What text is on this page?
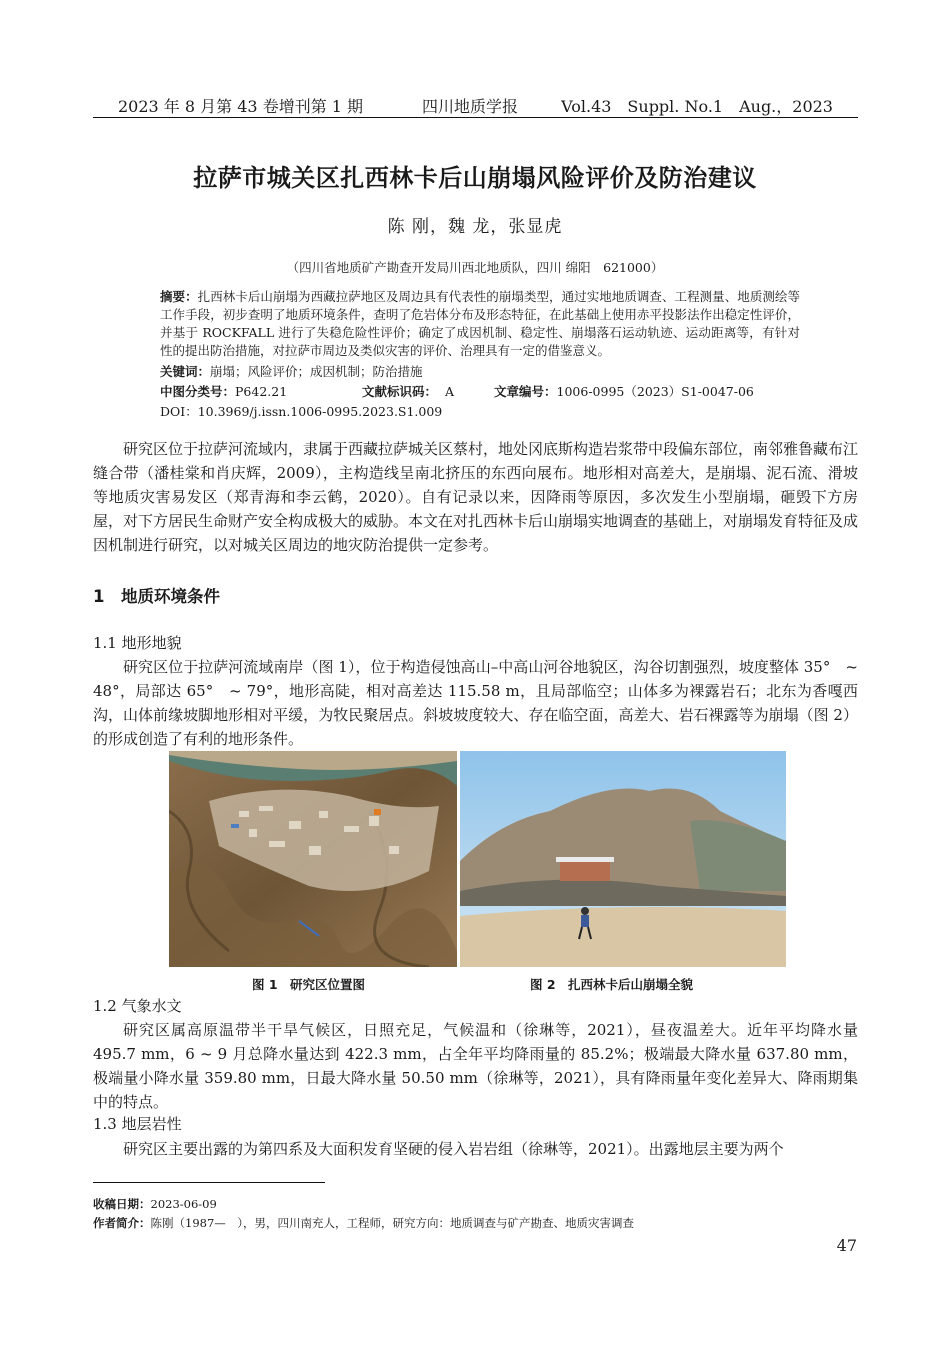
2023 年 8 月第 43 卷增刊第 1 期	四川地质学报	Vol.43　Suppl. No.1　Aug.，2023
拉萨市城关区扎西林卡后山崩塌风险评价及防治建议
陈 刚，魏 龙，张显虎
（四川省地质矿产勘查开发局川西北地质队，四川 绵阳　621000）
摘要：扎西林卡后山崩塌为西藏拉萨地区及周边具有代表性的崩塌类型，通过实地地质调查、工程测量、地质测绘等工作手段，初步查明了地质环境条件，查明了危岩体分布及形态特征，在此基础上使用赤平投影法作出稳定性评价，并基于 ROCKFALL 进行了失稳危险性评价；确定了成因机制、稳定性、崩塌落石运动轨迹、运动距离等，有针对性的提出防治措施，对拉萨市周边及类似灾害的评价、治理具有一定的借鉴意义。
关键词：崩塌；风险评价；成因机制；防治措施
中图分类号：P642.21	文献标识码： A	文章编号：1006-0995（2023）S1-0047-06
DOI：10.3969/j.issn.1006-0995.2023.S1.009
研究区位于拉萨河流域内，隶属于西藏拉萨城关区蔡村，地处冈底斯构造岩浆带中段偏东部位，南邻雅鲁藏布江缝合带（潘桂棠和肖庆辉，2009），主构造线呈南北挤压的东西向展布。地形相对高差大，是崩塌、泥石流、滑坡等地质灾害易发区（郑青海和李云鹤，2020）。自有记录以来，因降雨等原因，多次发生小型崩塌，砸毁下方房屋，对下方居民生命财产安全构成极大的威胁。本文在对扎西林卡后山崩塌实地调查的基础上，对崩塌发育特征及成因机制进行研究，以对城关区周边的地灾防治提供一定参考。
1　地质环境条件
1.1 地形地貌
研究区位于拉萨河流域南岸（图 1），位于构造侵蚀高山–中高山河谷地貌区，沟谷切割强烈，坡度整体 35°　~ 48°，局部达 65°　~ 79°，地形高陡，相对高差达 115.58 m，且局部临空；山体多为裸露岩石；北东为香嘎西沟，山体前缘坡脚地形相对平缓，为牧民聚居点。斜坡坡度较大、存在临空面，高差大、岩石裸露等为崩塌（图 2）的形成创造了有利的地形条件。
图 1　研究区位置图	图 2　扎西林卡后山崩塌全貌
1.2 气象水文
研究区属高原温带半干旱气候区，日照充足，气候温和（徐琳等，2021），昼夜温差大。近年平均降水量 495.7 mm，6 ~ 9 月总降水量达到 422.3 mm，占全年平均降雨量的 85.2%；极端最大降水量 637.80 mm，极端量小降水量 359.80 mm，日最大降水量 50.50 mm（徐琳等，2021），具有降雨量年变化差异大、降雨期集中的特点。
1.3 地层岩性
研究区主要出露的为第四系及大面积发育坚硬的侵入岩岩组（徐琳等，2021）。出露地层主要为两个
收稿日期：2023-06-09
作者简介：陈刚（1987—　），男，四川南充人，工程师，研究方向：地质调查与矿产勘查、地质灾害调查
47
